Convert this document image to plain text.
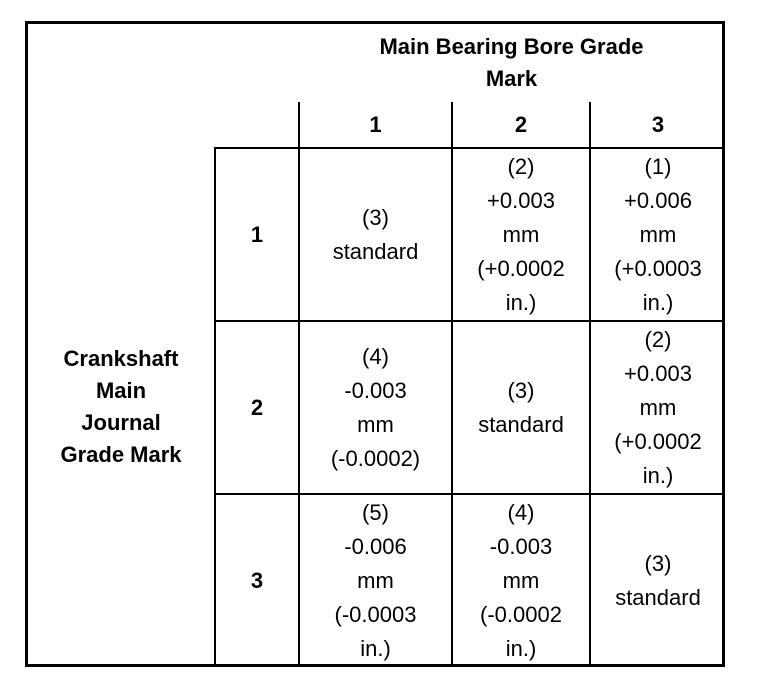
Main Bearing Bore Grade
Mark
1	2	3
Crankshaft
Main
Journal
Grade Mark
1
2
3
(3)
standard
(2)
+0.003
mm
(+0.0002
in.)
(1)
+0.006
mm
(+0.0003
in.)
(4)
-0.003
mm
(-0.0002)
(3)
standard
(2)
+0.003
mm
(+0.0002
in.)
(5)
-0.006
mm
(-0.0003
in.)
(4)
-0.003
mm
(-0.0002
in.)
(3)
standard
